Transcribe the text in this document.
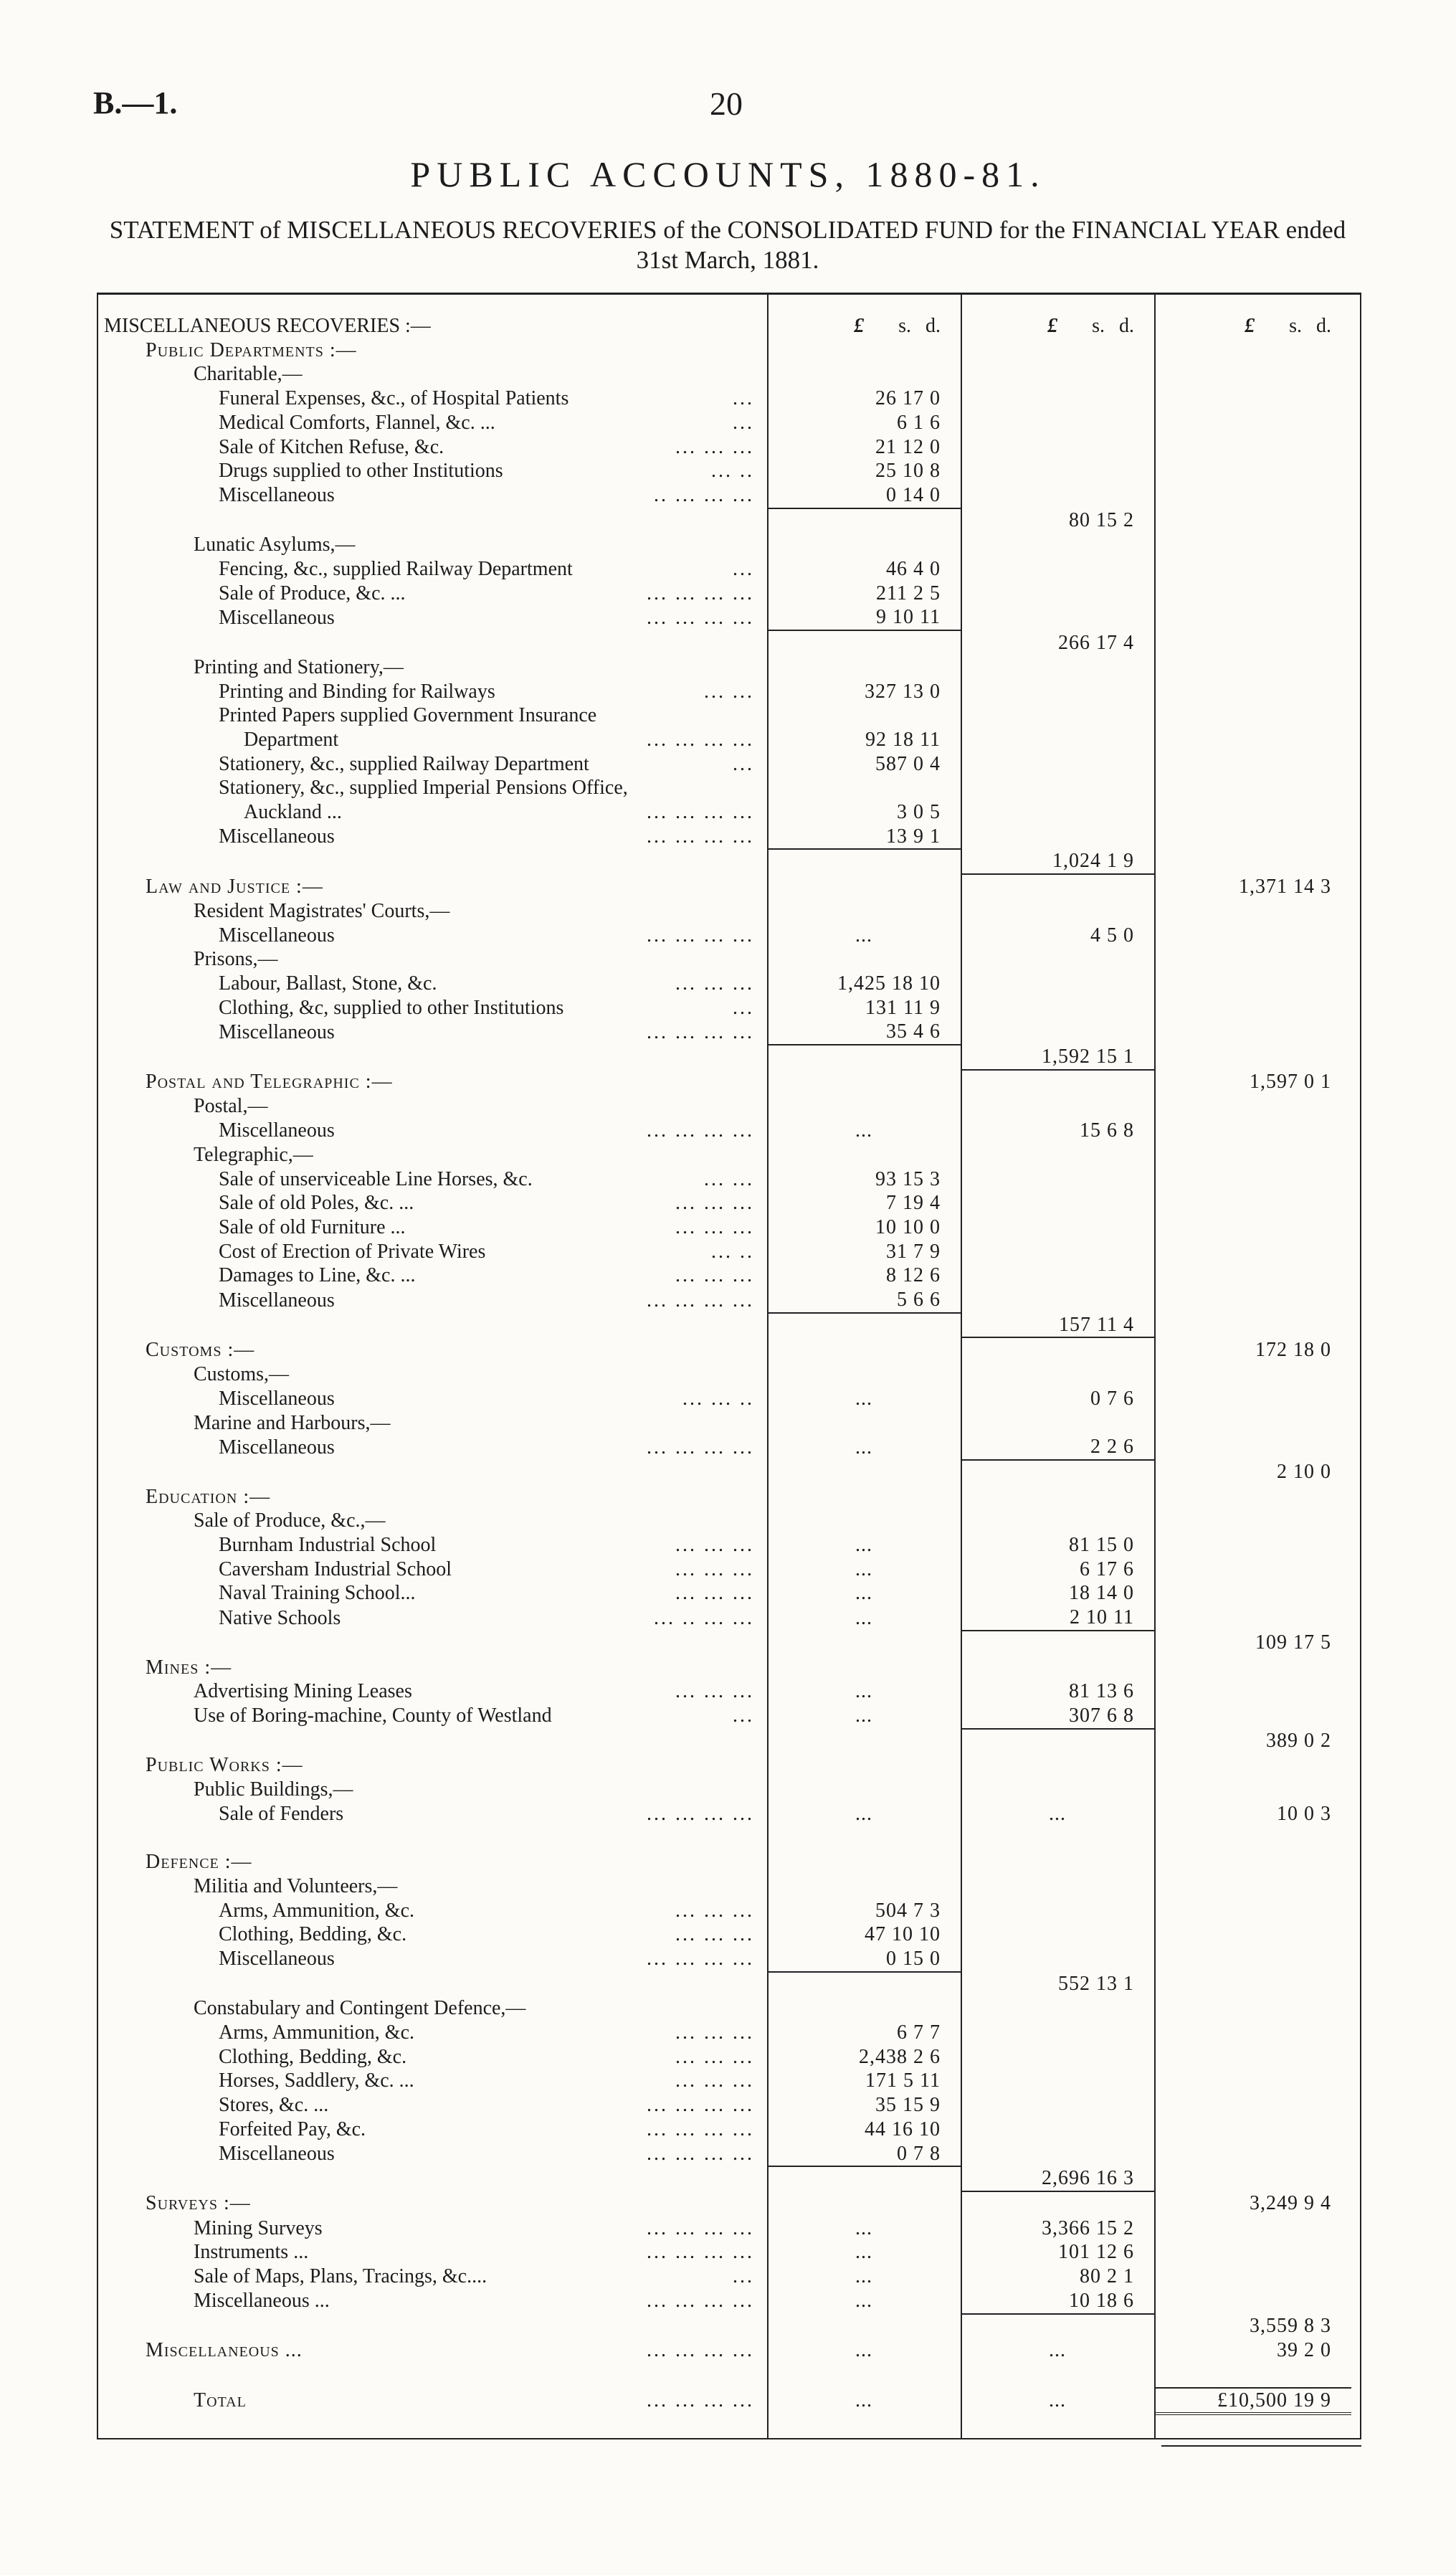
B.—1.	20
PUBLIC ACCOUNTS, 1880-81.
STATEMENT of MISCELLANEOUS RECOVERIES of the CONSOLIDATED FUND for the FINANCIAL YEAR ended 31st March, 1881.
MISCELLANEOUS RECOVERIES :—	£ s. d.	£ s. d.	£ s. d.
Public Departments :—			
Charitable,—			
Funeral Expenses, &c., of Hospital Patients ...	26 17 0		
Medical Comforts, Flannel, &c. ... ...	6 1 6		
Sale of Kitchen Refuse, &c. ... ... ...	21 12 0		
Drugs supplied to other Institutions ... ..	25 10 8		
Miscellaneous .. ... ... ...	0 14 0		
		80 15 2	
Lunatic Asylums,—			
Fencing, &c., supplied Railway Department ...	46 4 0		
Sale of Produce, &c. ... ... ... ... ...	211 2 5		
Miscellaneous ... ... ... ...	9 10 11		
		266 17 4	
Printing and Stationery,—			
Printing and Binding for Railways ... ...	327 13 0		
Printed Papers supplied Government Insurance			
Department ... ... ... ...	92 18 11		
Stationery, &c., supplied Railway Department ...	587 0 4		
Stationery, &c., supplied Imperial Pensions Office,			
Auckland ... ... ... ... ...	3 0 5		
Miscellaneous ... ... ... ...	13 9 1		
		1,024 1 9	
Law and Justice :—			1,371 14 3
Resident Magistrates' Courts,—			
Miscellaneous ... ... ... ...	...	4 5 0	
Prisons,—			
Labour, Ballast, Stone, &c. ... ... ...	1,425 18 10		
Clothing, &c, supplied to other Institutions ...	131 11 9		
Miscellaneous ... ... ... ...	35 4 6		
		1,592 15 1	
Postal and Telegraphic :—			1,597 0 1
Postal,—			
Miscellaneous ... ... ... ...	...	15 6 8	
Telegraphic,—			
Sale of unserviceable Line Horses, &c. ... ...	93 15 3		
Sale of old Poles, &c. ... ... ... ...	7 19 4		
Sale of old Furniture ... ... ... ...	10 10 0		
Cost of Erection of Private Wires ... ..	31 7 9		
Damages to Line, &c. ... ... ... ...	8 12 6		
Miscellaneous ... ... ... ...	5 6 6		
		157 11 4	
Customs :—			172 18 0
Customs,—			
Miscellaneous ... ... ..	...	0 7 6	
Marine and Harbours,—			
Miscellaneous ... ... ... ...	...	2 2 6	
			2 10 0
Education :—			
Sale of Produce, &c.,—			
Burnham Industrial School ... ... ...	...	81 15 0	
Caversham Industrial School ... ... ...	...	6 17 6	
Naval Training School... ... ... ...	...	18 14 0	
Native Schools ... .. ... ...	...	2 10 11	
			109 17 5
Mines :—			
Advertising Mining Leases ... ... ...	...	81 13 6	
Use of Boring-machine, County of Westland ...	...	307 6 8	
			389 0 2
Public Works :—			
Public Buildings,—			
Sale of Fenders ... ... ... ...	...	...	10 0 3

Defence :—			
Militia and Volunteers,—			
Arms, Ammunition, &c. ... ... ...	504 7 3		
Clothing, Bedding, &c. ... ... ...	47 10 10		
Miscellaneous ... ... ... ...	0 15 0		
		552 13 1	
Constabulary and Contingent Defence,—			
Arms, Ammunition, &c. ... ... ...	6 7 7		
Clothing, Bedding, &c. ... ... ...	2,438 2 6		
Horses, Saddlery, &c. ... ... ... ...	171 5 11		
Stores, &c. ... ... ... ... ...	35 15 9		
Forfeited Pay, &c. ... ... ... ...	44 16 10		
Miscellaneous ... ... ... ...	0 7 8		
		2,696 16 3	
Surveys :—			3,249 9 4
Mining Surveys ... ... ... ...	...	3,366 15 2	
Instruments ... ... ... ... ...	...	101 12 6	
Sale of Maps, Plans, Tracings, &c.... ...	...	80 2 1	
Miscellaneous ... ... ... ... ...	...	10 18 6	
			3,559 8 3
Miscellaneous ... ... ... ... ...	...	...	39 2 0

Total ... ... ... ...	...	...	£10,500 19 9
